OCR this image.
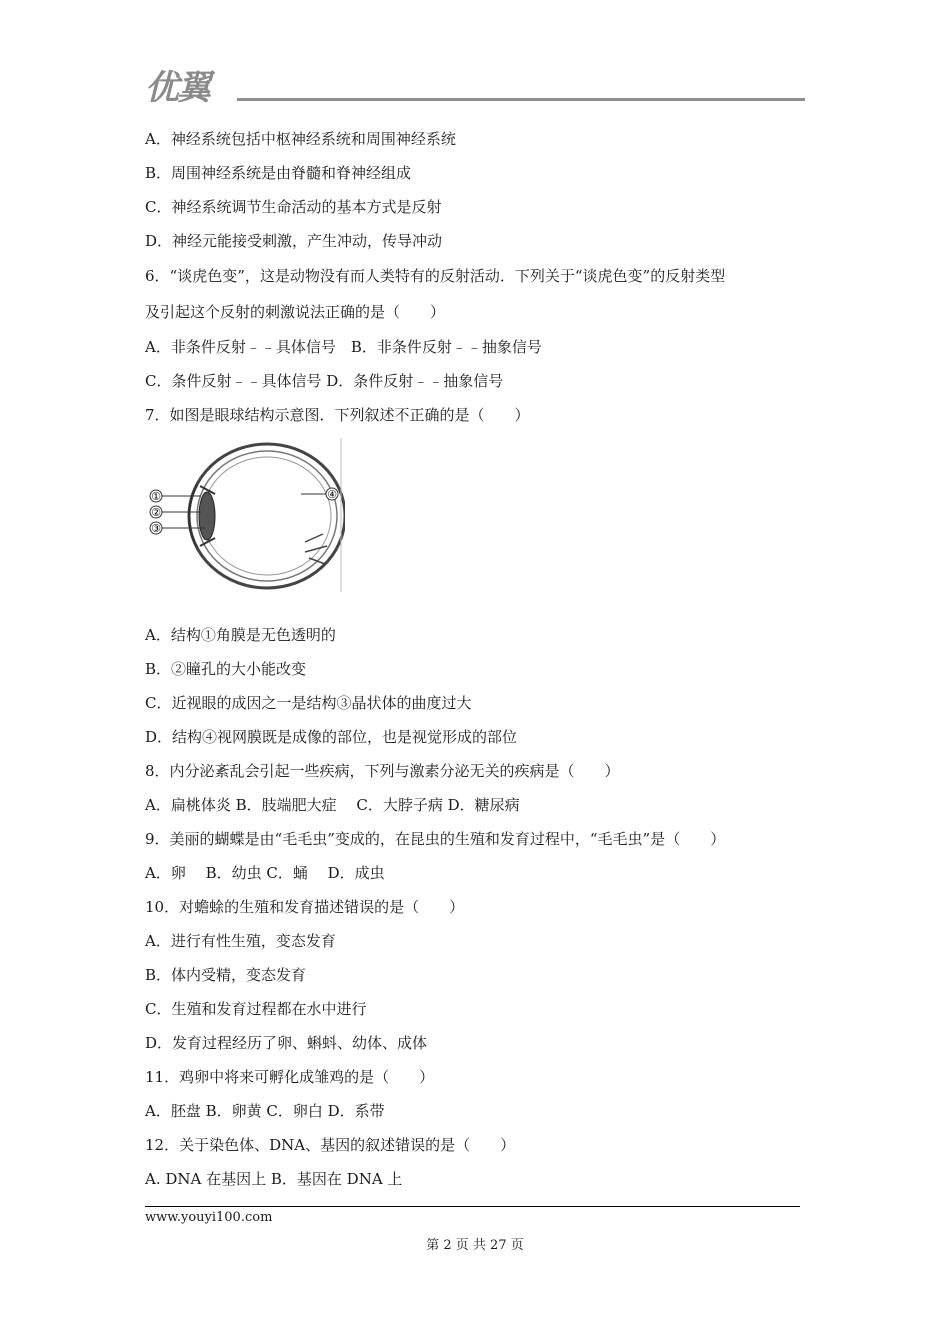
优翼
A．神经系统包括中枢神经系统和周围神经系统
B．周围神经系统是由脊髓和脊神经组成
C．神经系统调节生命活动的基本方式是反射
D．神经元能接受刺激，产生冲动，传导冲动
6．“谈虎色变”，这是动物没有而人类特有的反射活动．下列关于“谈虎色变”的反射类型
及引起这个反射的刺激说法正确的是（　　）
A．非条件反射﹣﹣具体信号　B．非条件反射﹣﹣抽象信号
C．条件反射﹣﹣具体信号 D．条件反射﹣﹣抽象信号
7．如图是眼球结构示意图．下列叙述不正确的是（　　）
①
②
③
④
A．结构①角膜是无色透明的
B．②瞳孔的大小能改变
C．近视眼的成因之一是结构③晶状体的曲度过大
D．结构④视网膜既是成像的部位，也是视觉形成的部位
8．内分泌紊乱会引起一些疾病，下列与激素分泌无关的疾病是（　　）
A．扁桃体炎 B．肢端肥大症　 C．大脖子病 D．糖尿病
9．美丽的蝴蝶是由“毛毛虫”变成的，在昆虫的生殖和发育过程中，“毛毛虫”是（　　）
A．卵　 B．幼虫 C．蛹　 D．成虫
10．对蟾蜍的生殖和发育描述错误的是（　　）
A．进行有性生殖，变态发育
B．体内受精，变态发育
C．生殖和发育过程都在水中进行
D．发育过程经历了卵、蝌蚪、幼体、成体
11．鸡卵中将来可孵化成雏鸡的是（　　）
A．胚盘 B．卵黄 C．卵白 D．系带
12．关于染色体、DNA、基因的叙述错误的是（　　）
A. DNA 在基因上 B．基因在 DNA 上
www.youyi100.com
第 2 页 共 27 页
